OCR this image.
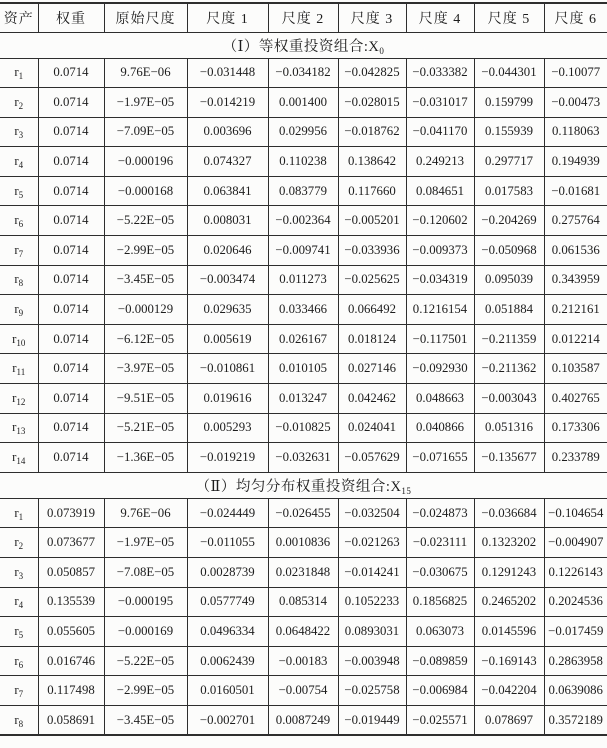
资产	权重	原始尺度	尺度 1	尺度 2	尺度 3	尺度 4	尺度 5	尺度 6
（Ⅰ）等权重投资组合$:X_0$
$r_1$	0.0714	9.76E−06	−0.031448	−0.034182	−0.042825	−0.033382	−0.044301	−0.10077
$r_2$	0.0714	−1.97E−05	−0.014219	0.001400	−0.028015	−0.031017	0.159799	−0.00473
$r_3$	0.0714	−7.09E−05	0.003696	0.029956	−0.018762	−0.041170	0.155939	0.118063
$r_4$	0.0714	−0.000196	0.074327	0.110238	0.138642	0.249213	0.297717	0.194939
$r_5$	0.0714	−0.000168	0.063841	0.083779	0.117660	0.084651	0.017583	−0.01681
$r_6$	0.0714	−5.22E−05	0.008031	−0.002364	−0.005201	−0.120602	−0.204269	0.275764
$r_7$	0.0714	−2.99E−05	0.020646	−0.009741	−0.033936	−0.009373	−0.050968	0.061536
$r_8$	0.0714	−3.45E−05	−0.003474	0.011273	−0.025625	−0.034319	0.095039	0.343959
$r_9$	0.0714	−0.000129	0.029635	0.033466	0.066492	0.1216154	0.051884	0.212161
$r_{10}$	0.0714	−6.12E−05	0.005619	0.026167	0.018124	−0.117501	−0.211359	0.012214
$r_{11}$	0.0714	−3.97E−05	−0.010861	0.010105	0.027146	−0.092930	−0.211362	0.103587
$r_{12}$	0.0714	−9.51E−05	0.019616	0.013247	0.042462	0.048663	−0.003043	0.402765
$r_{13}$	0.0714	−5.21E−05	0.005293	−0.010825	0.024041	0.040866	0.051316	0.173306
$r_{14}$	0.0714	−1.36E−05	−0.019219	−0.032631	−0.057629	−0.071655	−0.135677	0.233789
（Ⅱ）均匀分布权重投资组合$:X_{15}$
$r_1$	0.073919	9.76E−06	−0.024449	−0.026455	−0.032504	−0.024873	−0.036684	−0.104654
$r_2$	0.073677	−1.97E−05	−0.011055	0.0010836	−0.021263	−0.023111	0.1323202	−0.004907
$r_3$	0.050857	−7.08E−05	0.0028739	0.0231848	−0.014241	−0.030675	0.1291243	0.1226143
$r_4$	0.135539	−0.000195	0.0577749	0.085314	0.1052233	0.1856825	0.2465202	0.2024536
$r_5$	0.055605	−0.000169	0.0496334	0.0648422	0.0893031	0.063073	0.0145596	−0.017459
$r_6$	0.016746	−5.22E−05	0.0062439	−0.00183	−0.003948	−0.089859	−0.169143	0.2863958
$r_7$	0.117498	−2.99E−05	0.0160501	−0.00754	−0.025758	−0.006984	−0.042204	0.0639086
$r_8$	0.058691	−3.45E−05	−0.002701	0.0087249	−0.019449	−0.025571	0.078697	0.3572189
